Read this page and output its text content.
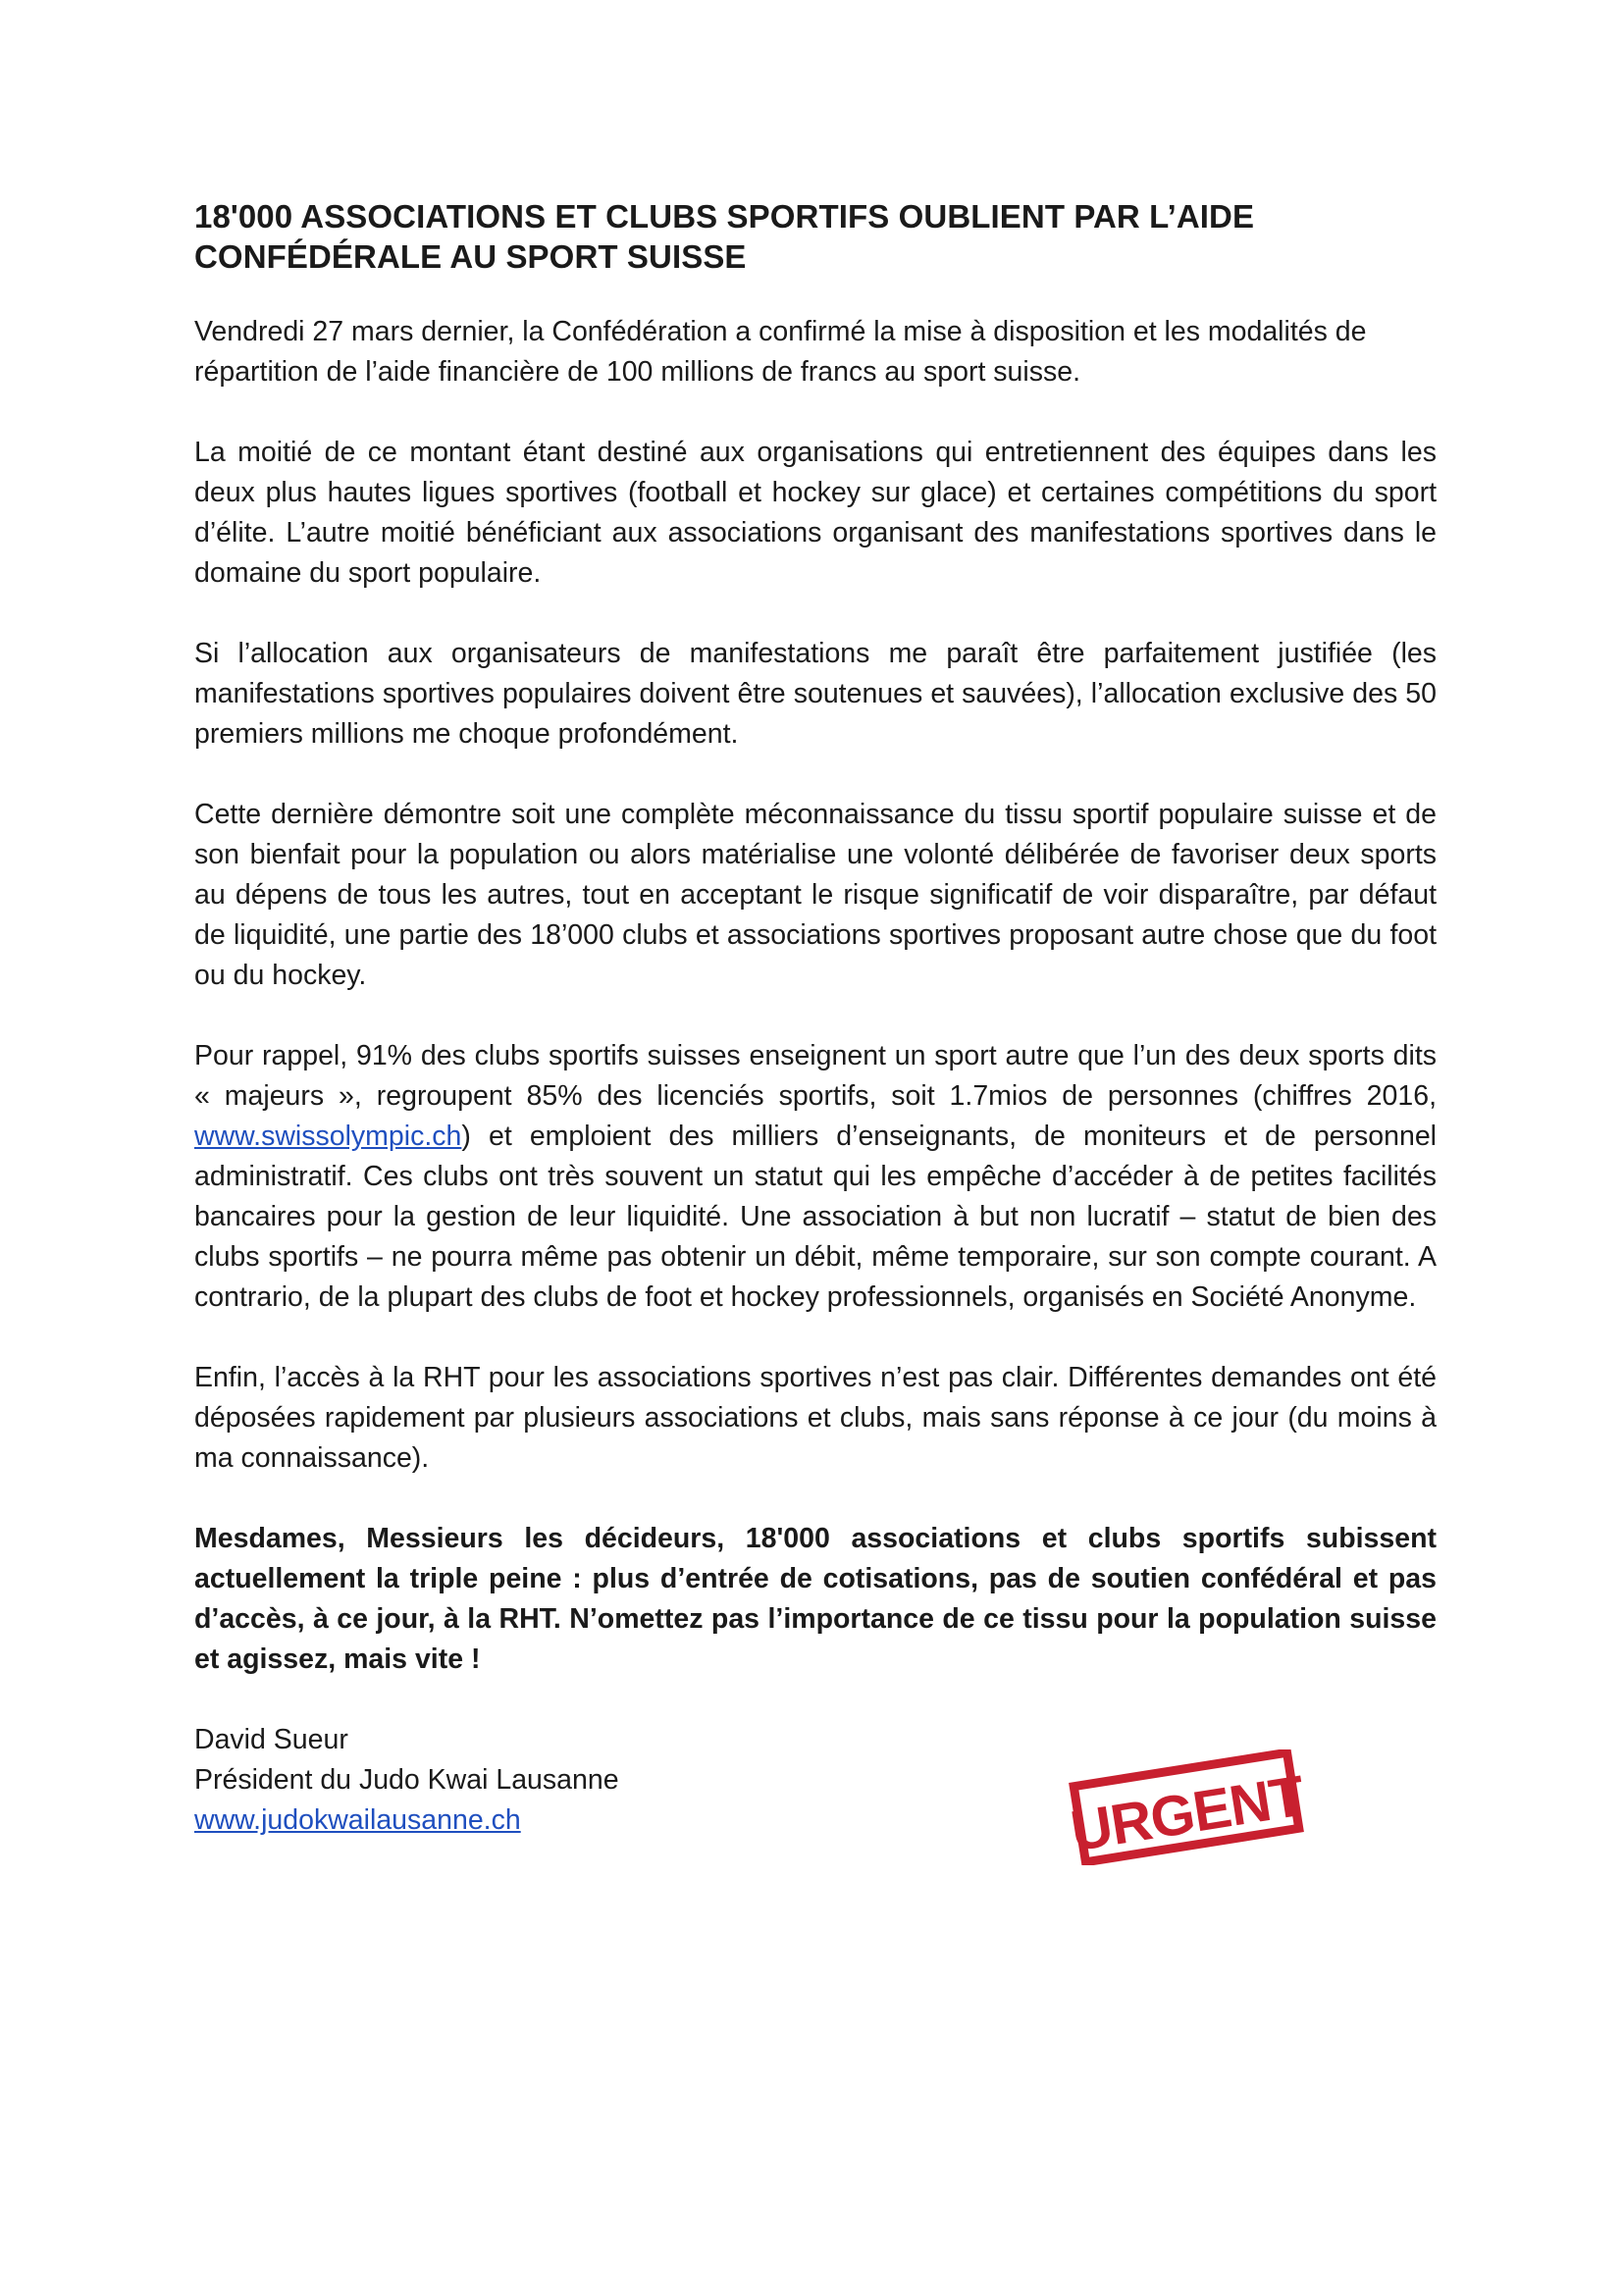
18'000 ASSOCIATIONS ET CLUBS SPORTIFS OUBLIENT PAR L’AIDE
CONFÉDÉRALE AU SPORT SUISSE

Vendredi 27 mars dernier, la Confédération a confirmé la mise à disposition et les modalités de répartition de l’aide financière de 100 millions de francs au sport suisse.

La moitié de ce montant étant destiné aux organisations qui entretiennent des équipes dans les deux plus hautes ligues sportives (football et hockey sur glace) et certaines compétitions du sport d’élite. L’autre moitié bénéficiant aux associations organisant des manifestations sportives dans le domaine du sport populaire.

Si l’allocation aux organisateurs de manifestations me paraît être parfaitement justifiée (les manifestations sportives populaires doivent être soutenues et sauvées), l’allocation exclusive des 50 premiers millions me choque profondément.

Cette dernière démontre soit une complète méconnaissance du tissu sportif populaire suisse et de son bienfait pour la population ou alors matérialise une volonté délibérée de favoriser deux sports au dépens de tous les autres, tout en acceptant le risque significatif de voir disparaître, par défaut de liquidité, une partie des 18’000 clubs et associations sportives proposant autre chose que du foot ou du hockey.

Pour rappel, 91% des clubs sportifs suisses enseignent un sport autre que l’un des deux sports dits « majeurs », regroupent 85% des licenciés sportifs, soit 1.7mios de personnes (chiffres 2016, www.swissolympic.ch) et emploient des milliers d’enseignants, de moniteurs et de personnel administratif. Ces clubs ont très souvent un statut qui les empêche d’accéder à de petites facilités bancaires pour la gestion de leur liquidité. Une association à but non lucratif – statut de bien des clubs sportifs – ne pourra même pas obtenir un débit, même temporaire, sur son compte courant. A contrario, de la plupart des clubs de foot et hockey professionnels, organisés en Société Anonyme.

Enfin, l’accès à la RHT pour les associations sportives n’est pas clair. Différentes demandes ont été déposées rapidement par plusieurs associations et clubs, mais sans réponse à ce jour (du moins à ma connaissance).

Mesdames, Messieurs les décideurs, 18'000 associations et clubs sportifs subissent actuellement la triple peine : plus d’entrée de cotisations, pas de soutien confédéral et pas d’accès, à ce jour, à la RHT. N’omettez pas l’importance de ce tissu pour la population suisse et agissez, mais vite !

David Sueur
Président du Judo Kwai Lausanne
www.judokwailausanne.ch	URGENT
